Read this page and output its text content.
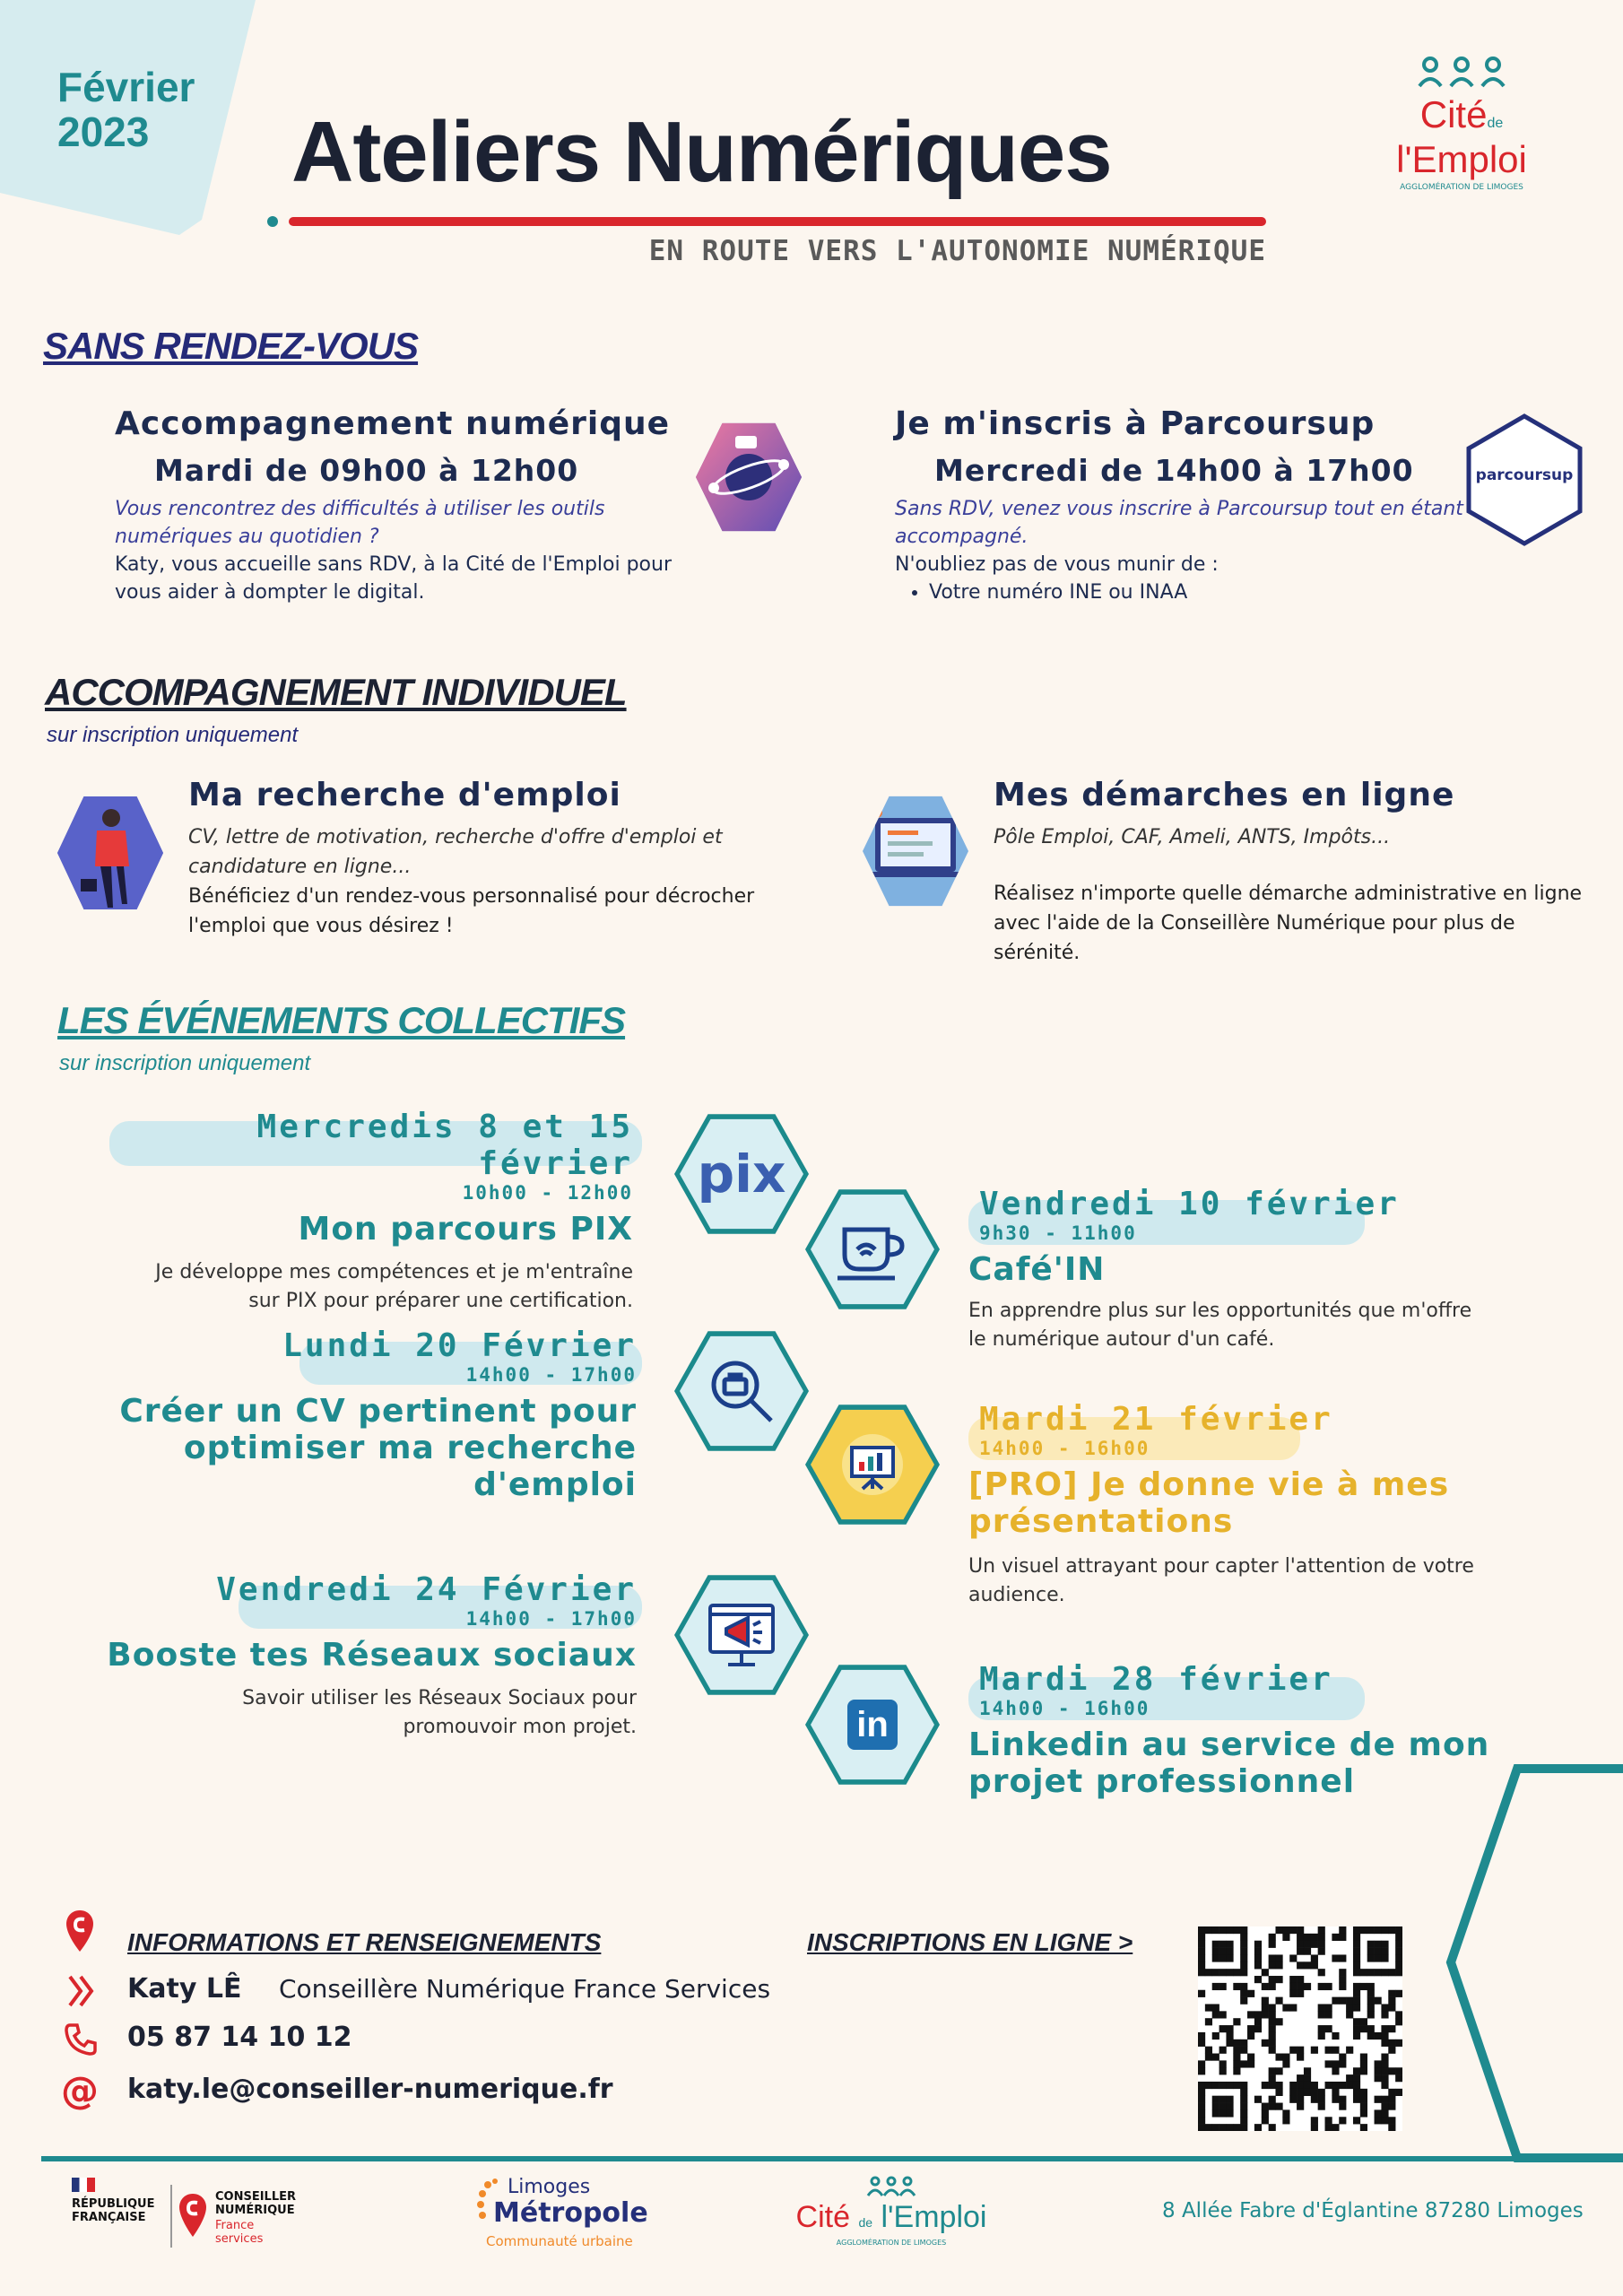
Février
2023	Ateliers Numériques
EN ROUTE VERS L'AUTONOMIE NUMÉRIQUE
Citéde
l'Emploi
AGGLOMÉRATION DE LIMOGES
SANS RENDEZ-VOUS
Accompagnement numérique
Mardi de 09h00 à 12h00
Vous rencontrez des difficultés à utiliser les outils numériques au quotidien ?
Katy, vous accueille sans RDV, à la Cité de l'Emploi pour vous aider à dompter le digital.
Je m'inscris à Parcoursup
Mercredi de 14h00 à 17h00
Sans RDV, venez vous inscrire à Parcoursup tout en étant accompagné.
N'oubliez pas de vous munir de :
• Votre numéro INE ou INAA
parcoursup
ACCOMPAGNEMENT INDIVIDUEL
sur inscription uniquement
Ma recherche d'emploi
CV, lettre de motivation, recherche d'offre d'emploi et candidature en ligne...
Bénéficiez d'un rendez-vous personnalisé pour décrocher l'emploi que vous désirez !
Mes démarches en ligne
Pôle Emploi, CAF, Ameli, ANTS, Impôts...
Réalisez n'importe quelle démarche administrative en ligne avec l'aide de la Conseillère Numérique pour plus de sérénité.
LES ÉVÉNEMENTS COLLECTIFS
sur inscription uniquement
Mercredis 8 et 15 février
10h00 - 12h00
Mon parcours PIX
Je développe mes compétences et je m'entraîne sur PIX pour préparer une certification.
Lundi 20 Février
14h00 - 17h00
Créer un CV pertinent pour
optimiser ma recherche d'emploi
Vendredi 24 Février
14h00 - 17h00
Booste tes Réseaux sociaux
Savoir utiliser les Réseaux Sociaux pour promouvoir mon projet.
Vendredi 10 février
9h30 - 11h00
Café'IN
En apprendre plus sur les opportunités que m'offre le numérique autour d'un café.
Mardi 21 février
14h00 - 16h00
[PRO] Je donne vie à mes
présentations
Un visuel attrayant pour capter l'attention de votre audience.
Mardi 28 février
14h00 - 16h00
Linkedin au service de mon
projet professionnel
pix
in
INFORMATIONS ET RENSEIGNEMENTS
Katy LÊ Conseillère Numérique France Services
05 87 14 10 12
@ katy.le@conseiller-numerique.fr
INSCRIPTIONS EN LIGNE >
RÉPUBLIQUE FRANÇAISE
CONSEILLER NUMÉRIQUE
France services
Limoges
Métropole
Communauté urbaine
Cité de l'Emploi
AGGLOMÉRATION DE LIMOGES
8 Allée Fabre d'Églantine 87280 Limoges
